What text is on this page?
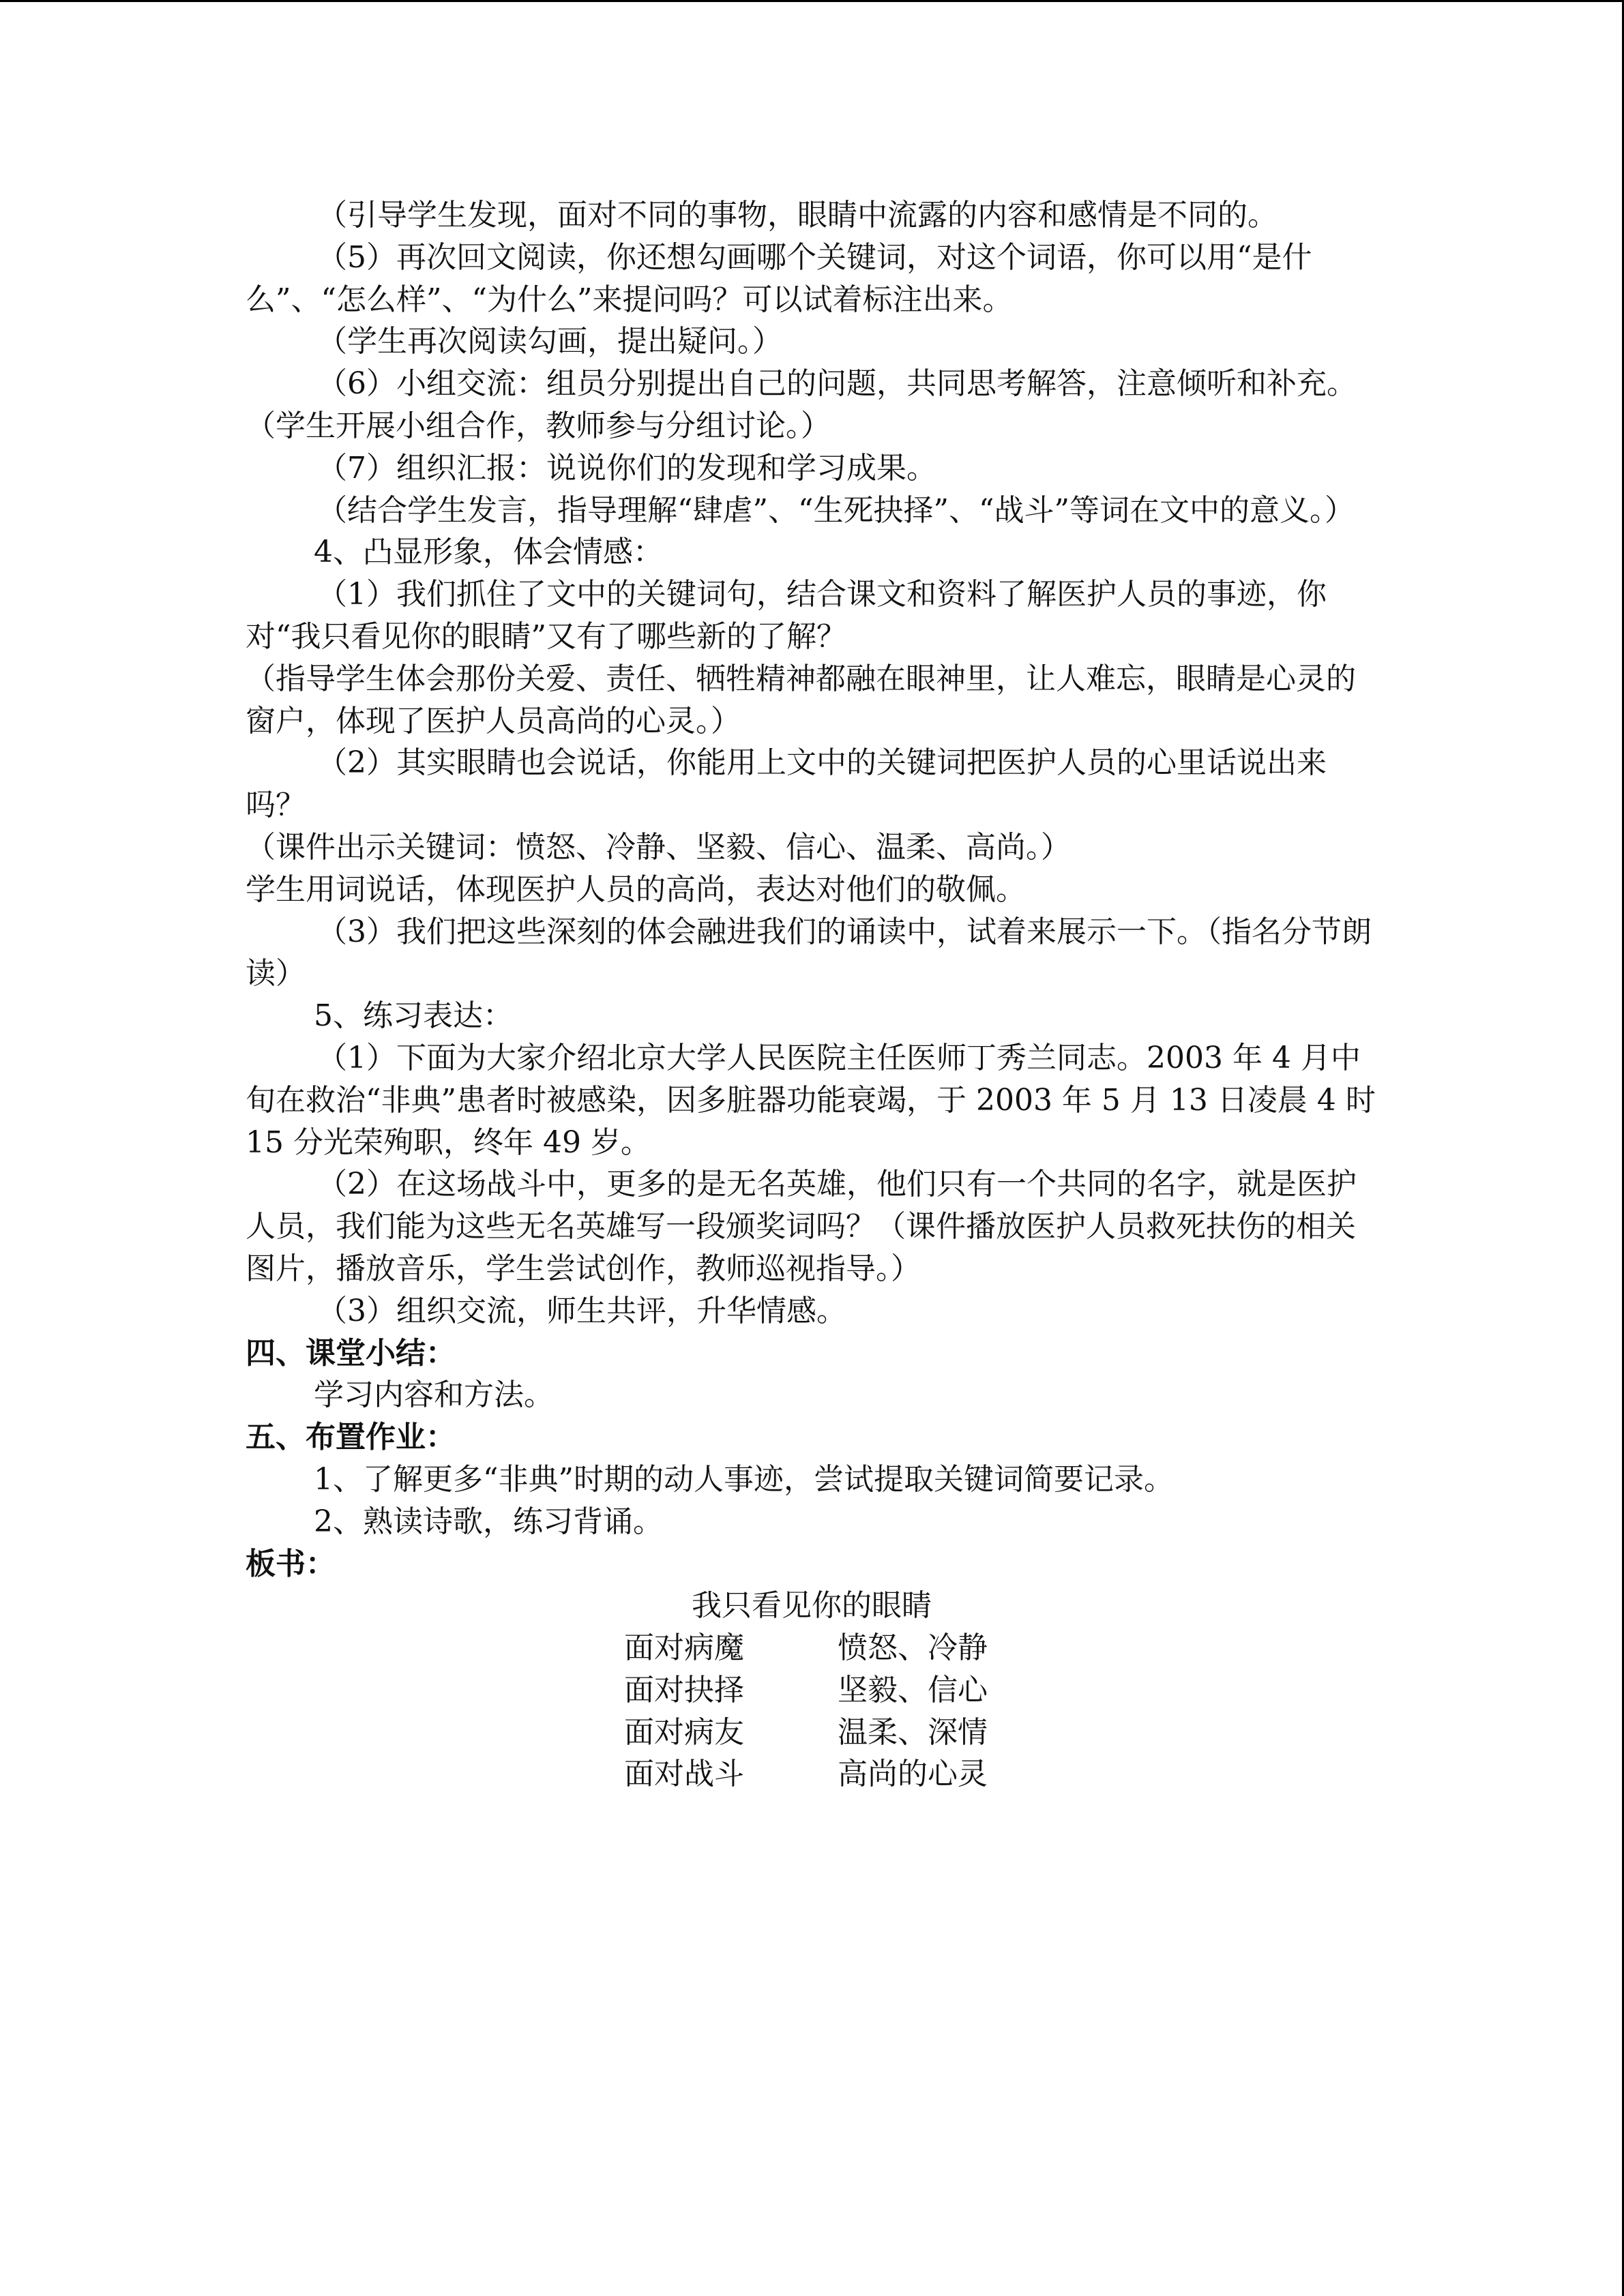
（引导学生发现，面对不同的事物，眼睛中流露的内容和感情是不同的。

（5）再次回文阅读，你还想勾画哪个关键词，对这个词语，你可以用“是什么”、“怎么样”、“为什么”来提问吗？可以试着标注出来。

（学生再次阅读勾画，提出疑问。）

（6）小组交流：组员分别提出自己的问题，共同思考解答，注意倾听和补充。（学生开展小组合作，教师参与分组讨论。）

（7）组织汇报：说说你们的发现和学习成果。

（结合学生发言，指导理解“肆虐”、“生死抉择”、“战斗”等词在文中的意义。）

4、凸显形象，体会情感：

（1）我们抓住了文中的关键词句，结合课文和资料了解医护人员的事迹，你对“我只看见你的眼睛”又有了哪些新的了解？

（指导学生体会那份关爱、责任、牺牲精神都融在眼神里，让人难忘，眼睛是心灵的窗户，体现了医护人员高尚的心灵。）

（2）其实眼睛也会说话，你能用上文中的关键词把医护人员的心里话说出来吗？

（课件出示关键词：愤怒、冷静、坚毅、信心、温柔、高尚。）

学生用词说话，体现医护人员的高尚，表达对他们的敬佩。

（3）我们把这些深刻的体会融进我们的诵读中，试着来展示一下。（指名分节朗读）

5、练习表达：

（1）下面为大家介绍北京大学人民医院主任医师丁秀兰同志。2003 年 4 月中旬在救治“非典”患者时被感染，因多脏器功能衰竭，于 2003 年 5 月 13 日凌晨 4 时 15 分光荣殉职，终年 49 岁。

（2）在这场战斗中，更多的是无名英雄，他们只有一个共同的名字，就是医护人员，我们能为这些无名英雄写一段颁奖词吗？（课件播放医护人员救死扶伤的相关图片，播放音乐，学生尝试创作，教师巡视指导。）

（3）组织交流，师生共评，升华情感。

四、课堂小结：

学习内容和方法。

五、布置作业：

1、了解更多“非典”时期的动人事迹，尝试提取关键词简要记录。

2、熟读诗歌，练习背诵。

板书：

我只看见你的眼睛
面对病魔	愤怒、冷静
面对抉择	坚毅、信心
面对病友	温柔、深情
面对战斗	高尚的心灵
